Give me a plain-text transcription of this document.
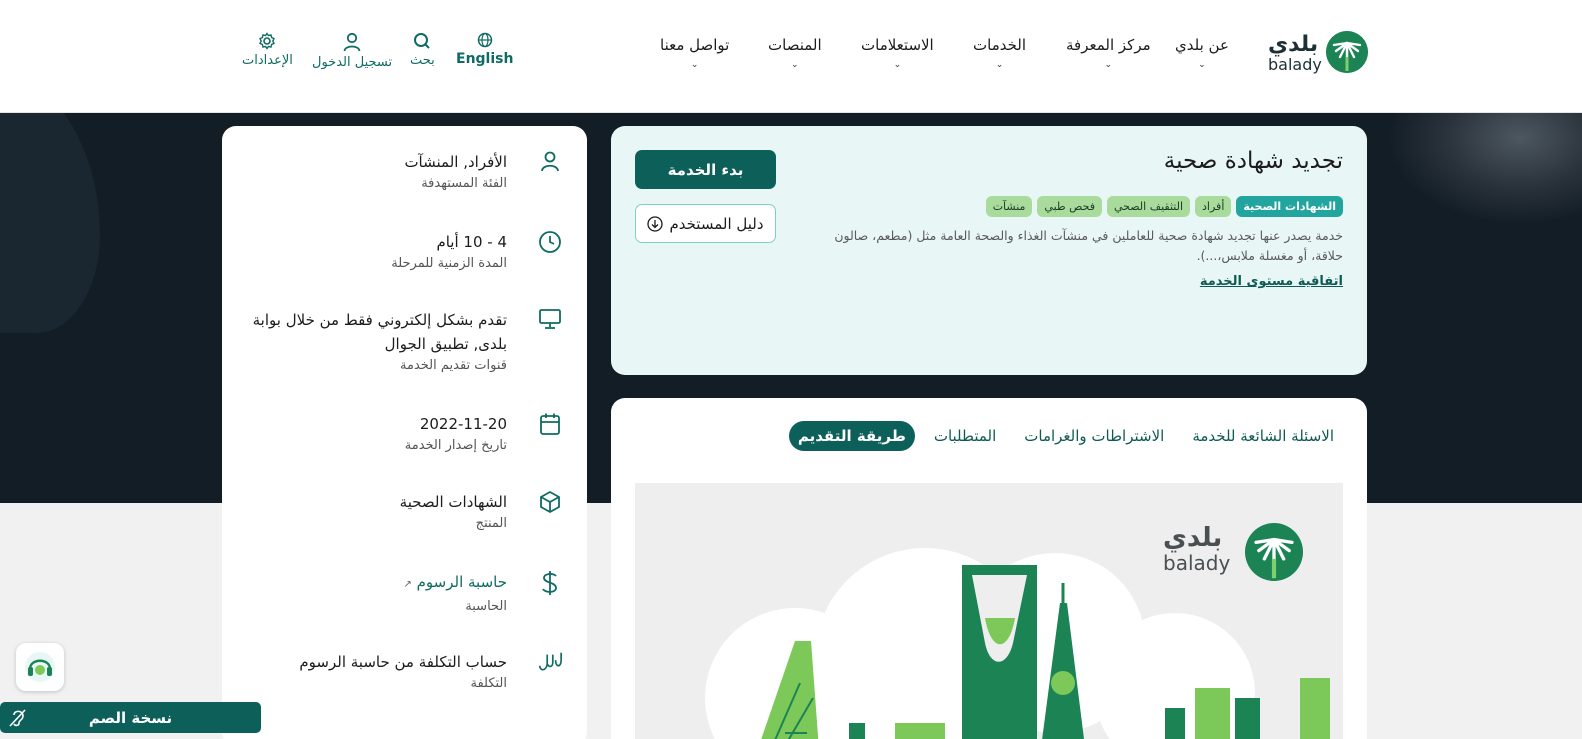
بلدي
balady
عن بلدي
⌄
مركز المعرفة
⌄
الخدمات
⌄
الاستعلامات
⌄
المنصات
⌄
تواصل معنا
⌄
English
بحث
تسجيل الدخول
الإعدادات
الأفراد, المنشآت
الفئة المستهدفة
4 - 10 أيام
المدة الزمنية للمرحلة
تقدم بشكل إلكتروني فقط من خلال بوابة بلدى, تطبيق الجوال
قنوات تقديم الخدمة
2022-11-20
تاريخ إصدار الخدمة
الشهادات الصحية
المنتج
حاسبة الرسوم ↗
الحاسبة
حساب التكلفة من حاسبة الرسوم
التكلفة
تجديد شهادة صحية
الشهادات الصحية
أفراد
التثقيف الصحي
فحص طبي
منشآت
خدمة يصدر عنها تجديد شهادة صحية للعاملين في منشآت الغذاء والصحة العامة مثل (مطعم، صالون حلاقة، أو مغسلة ملابس،...).
اتفاقية مستوى الخدمة
بدء الخدمة
دليل المستخدم
طريقة التقديم	المتطلبات	الاشتراطات والغرامات	الاسئلة الشائعة للخدمة
بلدي
balady
نسخة الصم
